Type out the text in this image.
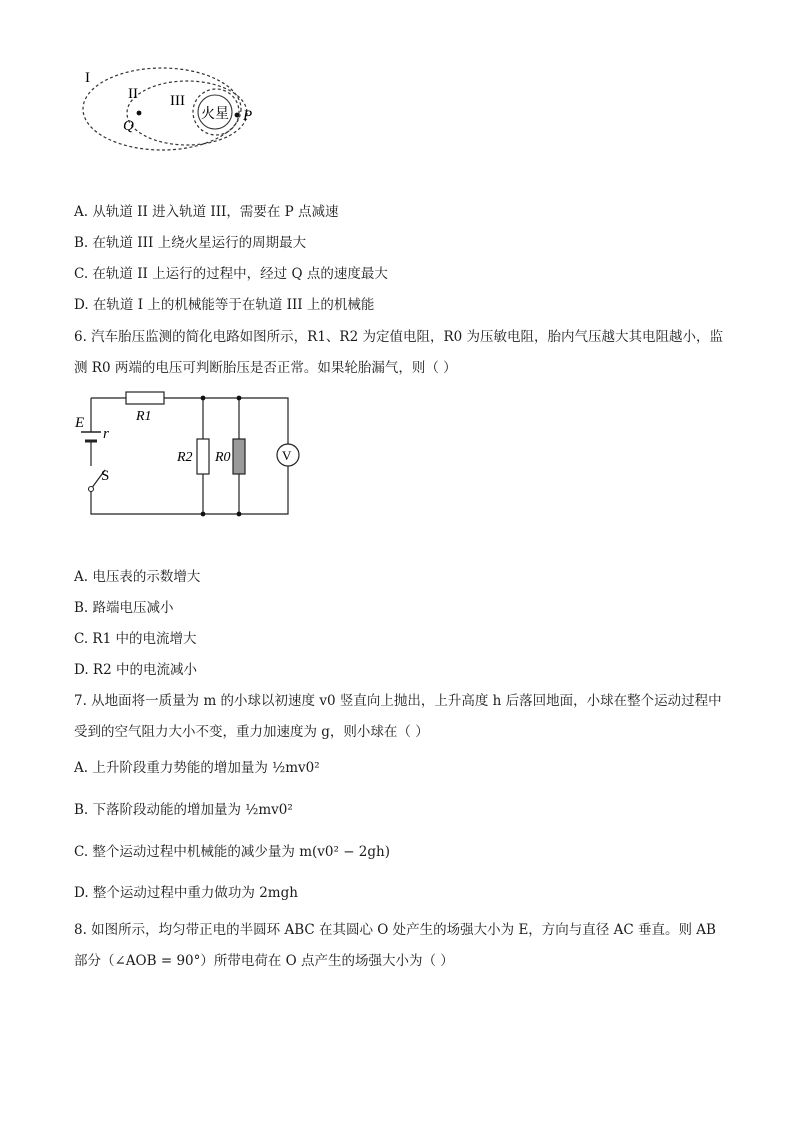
I
II III
火星 P
Q
A. 从轨道 II 进入轨道 III，需要在 P 点减速
B. 在轨道 III 上绕火星运行的周期最大
C. 在轨道 II 上运行的过程中，经过 Q 点的速度最大
D. 在轨道 I 上的机械能等于在轨道 III 上的机械能
6. 汽车胎压监测的简化电路如图所示，R1、R2 为定值电阻，R0 为压敏电阻，胎内气压越大其电阻越小，监
测 R0 两端的电压可判断胎压是否正常。如果轮胎漏气，则（ ）
V
E
r
S
R1
R2 R0
A. 电压表的示数增大
B. 路端电压减小
C. R1 中的电流增大
D. R2 中的电流减小
7. 从地面将一质量为 m 的小球以初速度 v0 竖直向上抛出，上升高度 h 后落回地面，小球在整个运动过程中
受到的空气阻力大小不变，重力加速度为 g，则小球在（ ）
A. 上升阶段重力势能的增加量为 ½mv0²
B. 下落阶段动能的增加量为 ½mv0²
C. 整个运动过程中机械能的减少量为 m(v0² − 2gh)
D. 整个运动过程中重力做功为 2mgh
8. 如图所示，均匀带正电的半圆环 ABC 在其圆心 O 处产生的场强大小为 E，方向与直径 AC 垂直。则 AB
部分（∠AOB = 90°）所带电荷在 O 点产生的场强大小为（ ）
